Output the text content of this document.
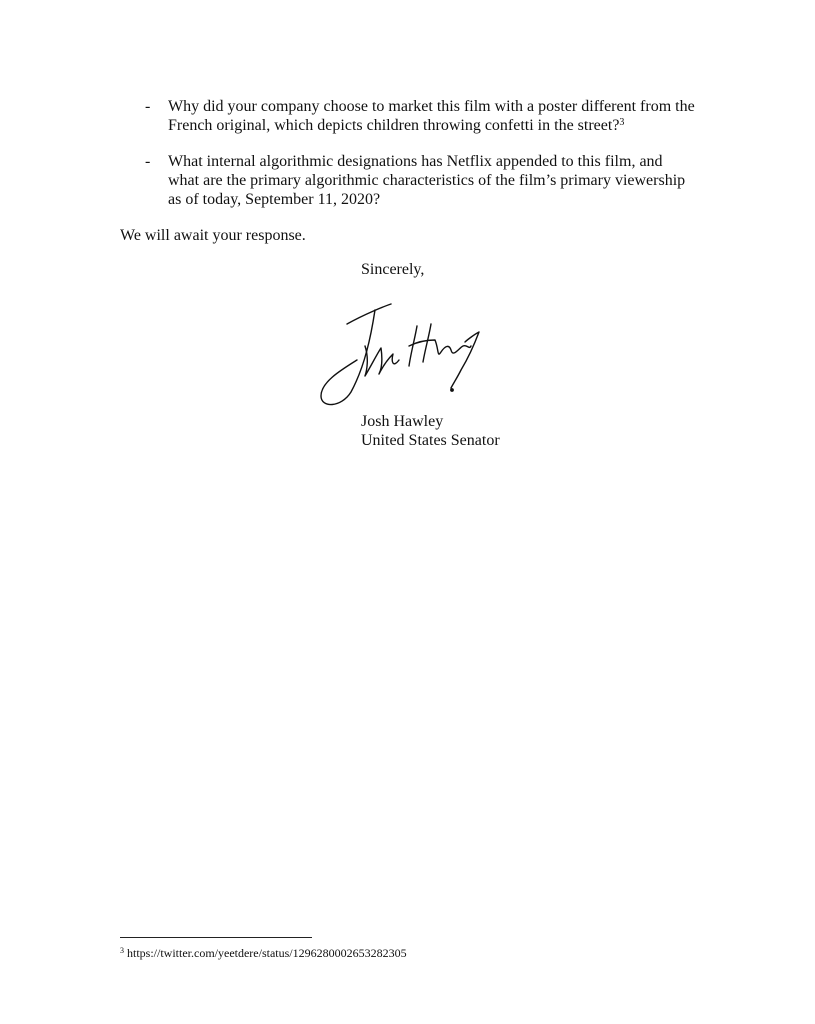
- Why did your company choose to market this film with a poster different from the
French original, which depicts children throwing confetti in the street?$^3$
- What internal algorithmic designations has Netflix appended to this film, and
what are the primary algorithmic characteristics of the film’s primary viewership
as of today, September 11, 2020?
We will await your response.
Sincerely,
Josh Hawley
United States Senator
$^3$ https://twitter.com/yeetdere/status/1296280002653282305
